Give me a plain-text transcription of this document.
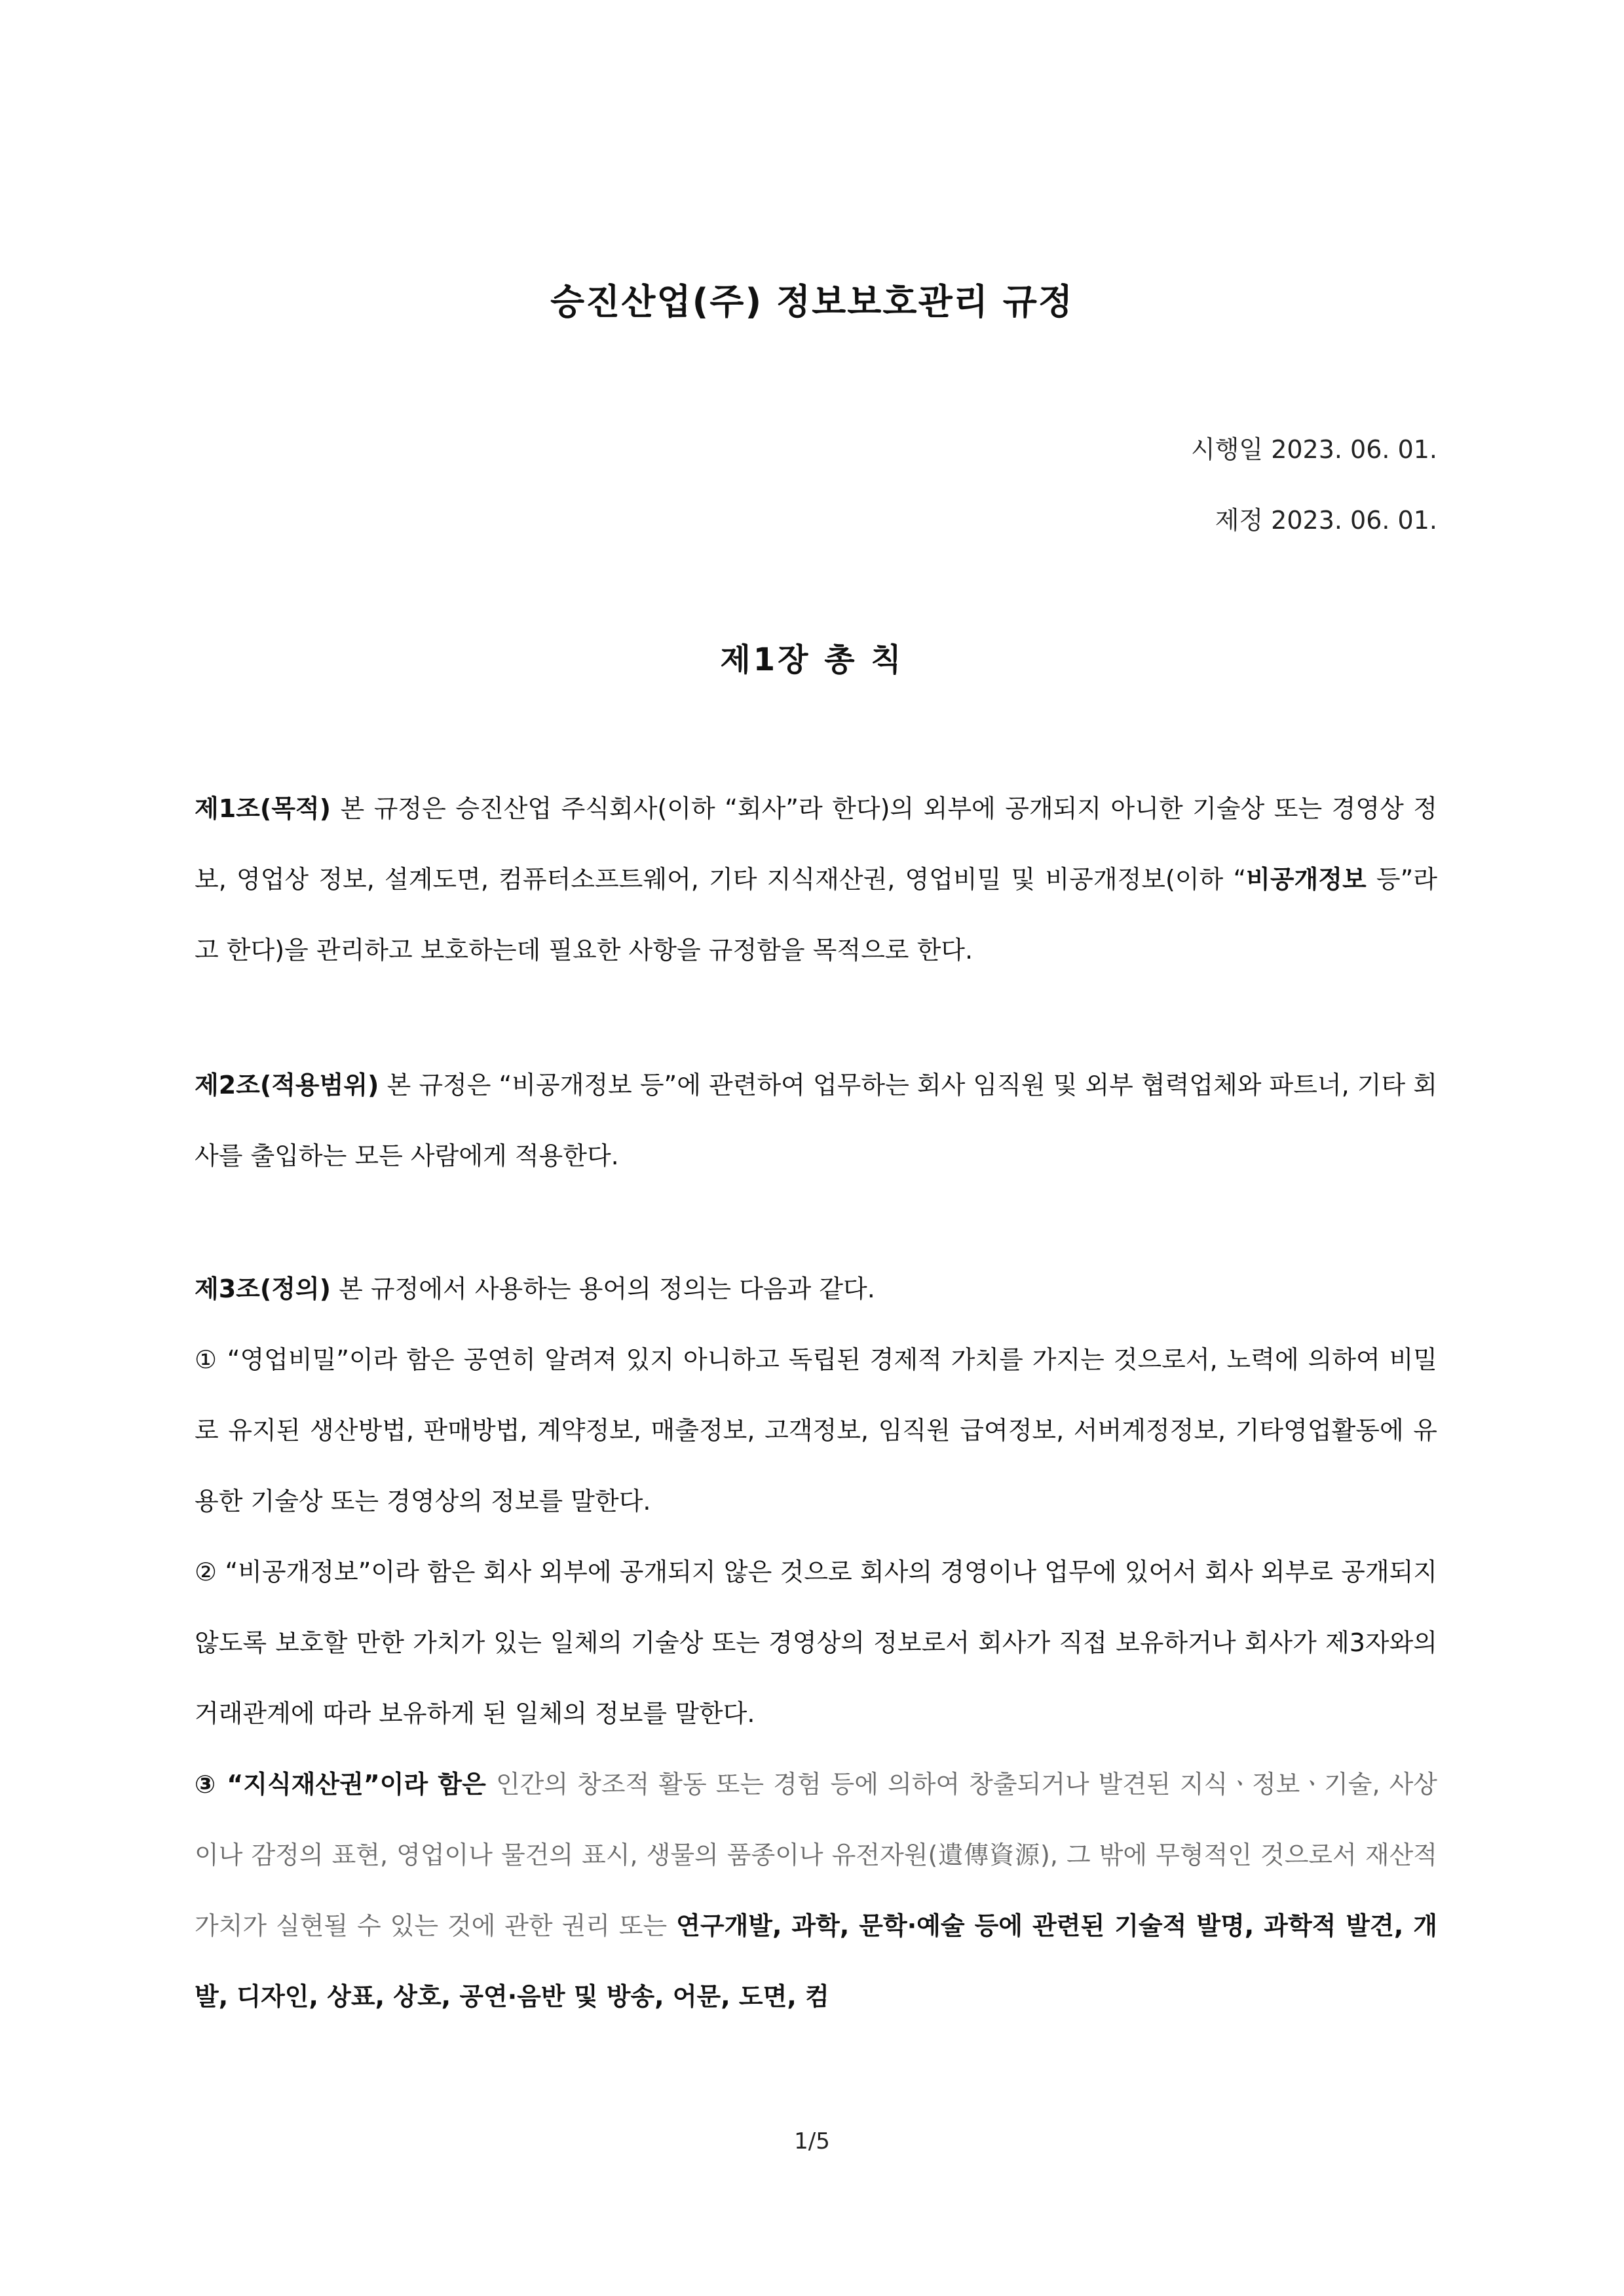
승진산업(주) 정보보호관리 규정
시행일 2023. 06. 01.
제정 2023. 06. 01.
제1장 총 칙
제1조(목적) 본 규정은 승진산업 주식회사(이하 “회사”라 한다)의 외부에 공개되지 아니한 기술상 또는 경영상 정보, 영업상 정보, 설계도면, 컴퓨터소프트웨어, 기타 지식재산권, 영업비밀 및 비공개정보(이하 “비공개정보 등”라고 한다)을 관리하고 보호하는데 필요한 사항을 규정함을 목적으로 한다.
제2조(적용범위) 본 규정은 “비공개정보 등”에 관련하여 업무하는 회사 임직원 및 외부 협력업체와 파트너, 기타 회사를 출입하는 모든 사람에게 적용한다.
제3조(정의) 본 규정에서 사용하는 용어의 정의는 다음과 같다.
① “영업비밀”이라 함은 공연히 알려져 있지 아니하고 독립된 경제적 가치를 가지는 것으로서, 노력에 의하여 비밀로 유지된 생산방법, 판매방법, 계약정보, 매출정보, 고객정보, 임직원 급여정보, 서버계정정보, 기타영업활동에 유용한 기술상 또는 경영상의 정보를 말한다.
② “비공개정보”이라 함은 회사 외부에 공개되지 않은 것으로 회사의 경영이나 업무에 있어서 회사 외부로 공개되지 않도록 보호할 만한 가치가 있는 일체의 기술상 또는 경영상의 정보로서 회사가 직접 보유하거나 회사가 제3자와의 거래관계에 따라 보유하게 된 일체의 정보를 말한다.
③ “지식재산권”이라 함은 인간의 창조적 활동 또는 경험 등에 의하여 창출되거나 발견된 지식ㆍ정보ㆍ기술, 사상이나 감정의 표현, 영업이나 물건의 표시, 생물의 품종이나 유전자원(遺傳資源), 그 밖에 무형적인 것으로서 재산적 가치가 실현될 수 있는 것에 관한 권리 또는 연구개발, 과학, 문학·예술 등에 관련된 기술적 발명, 과학적 발견, 개발, 디자인, 상표, 상호, 공연·음반 및 방송, 어문, 도면, 컴
1/5
